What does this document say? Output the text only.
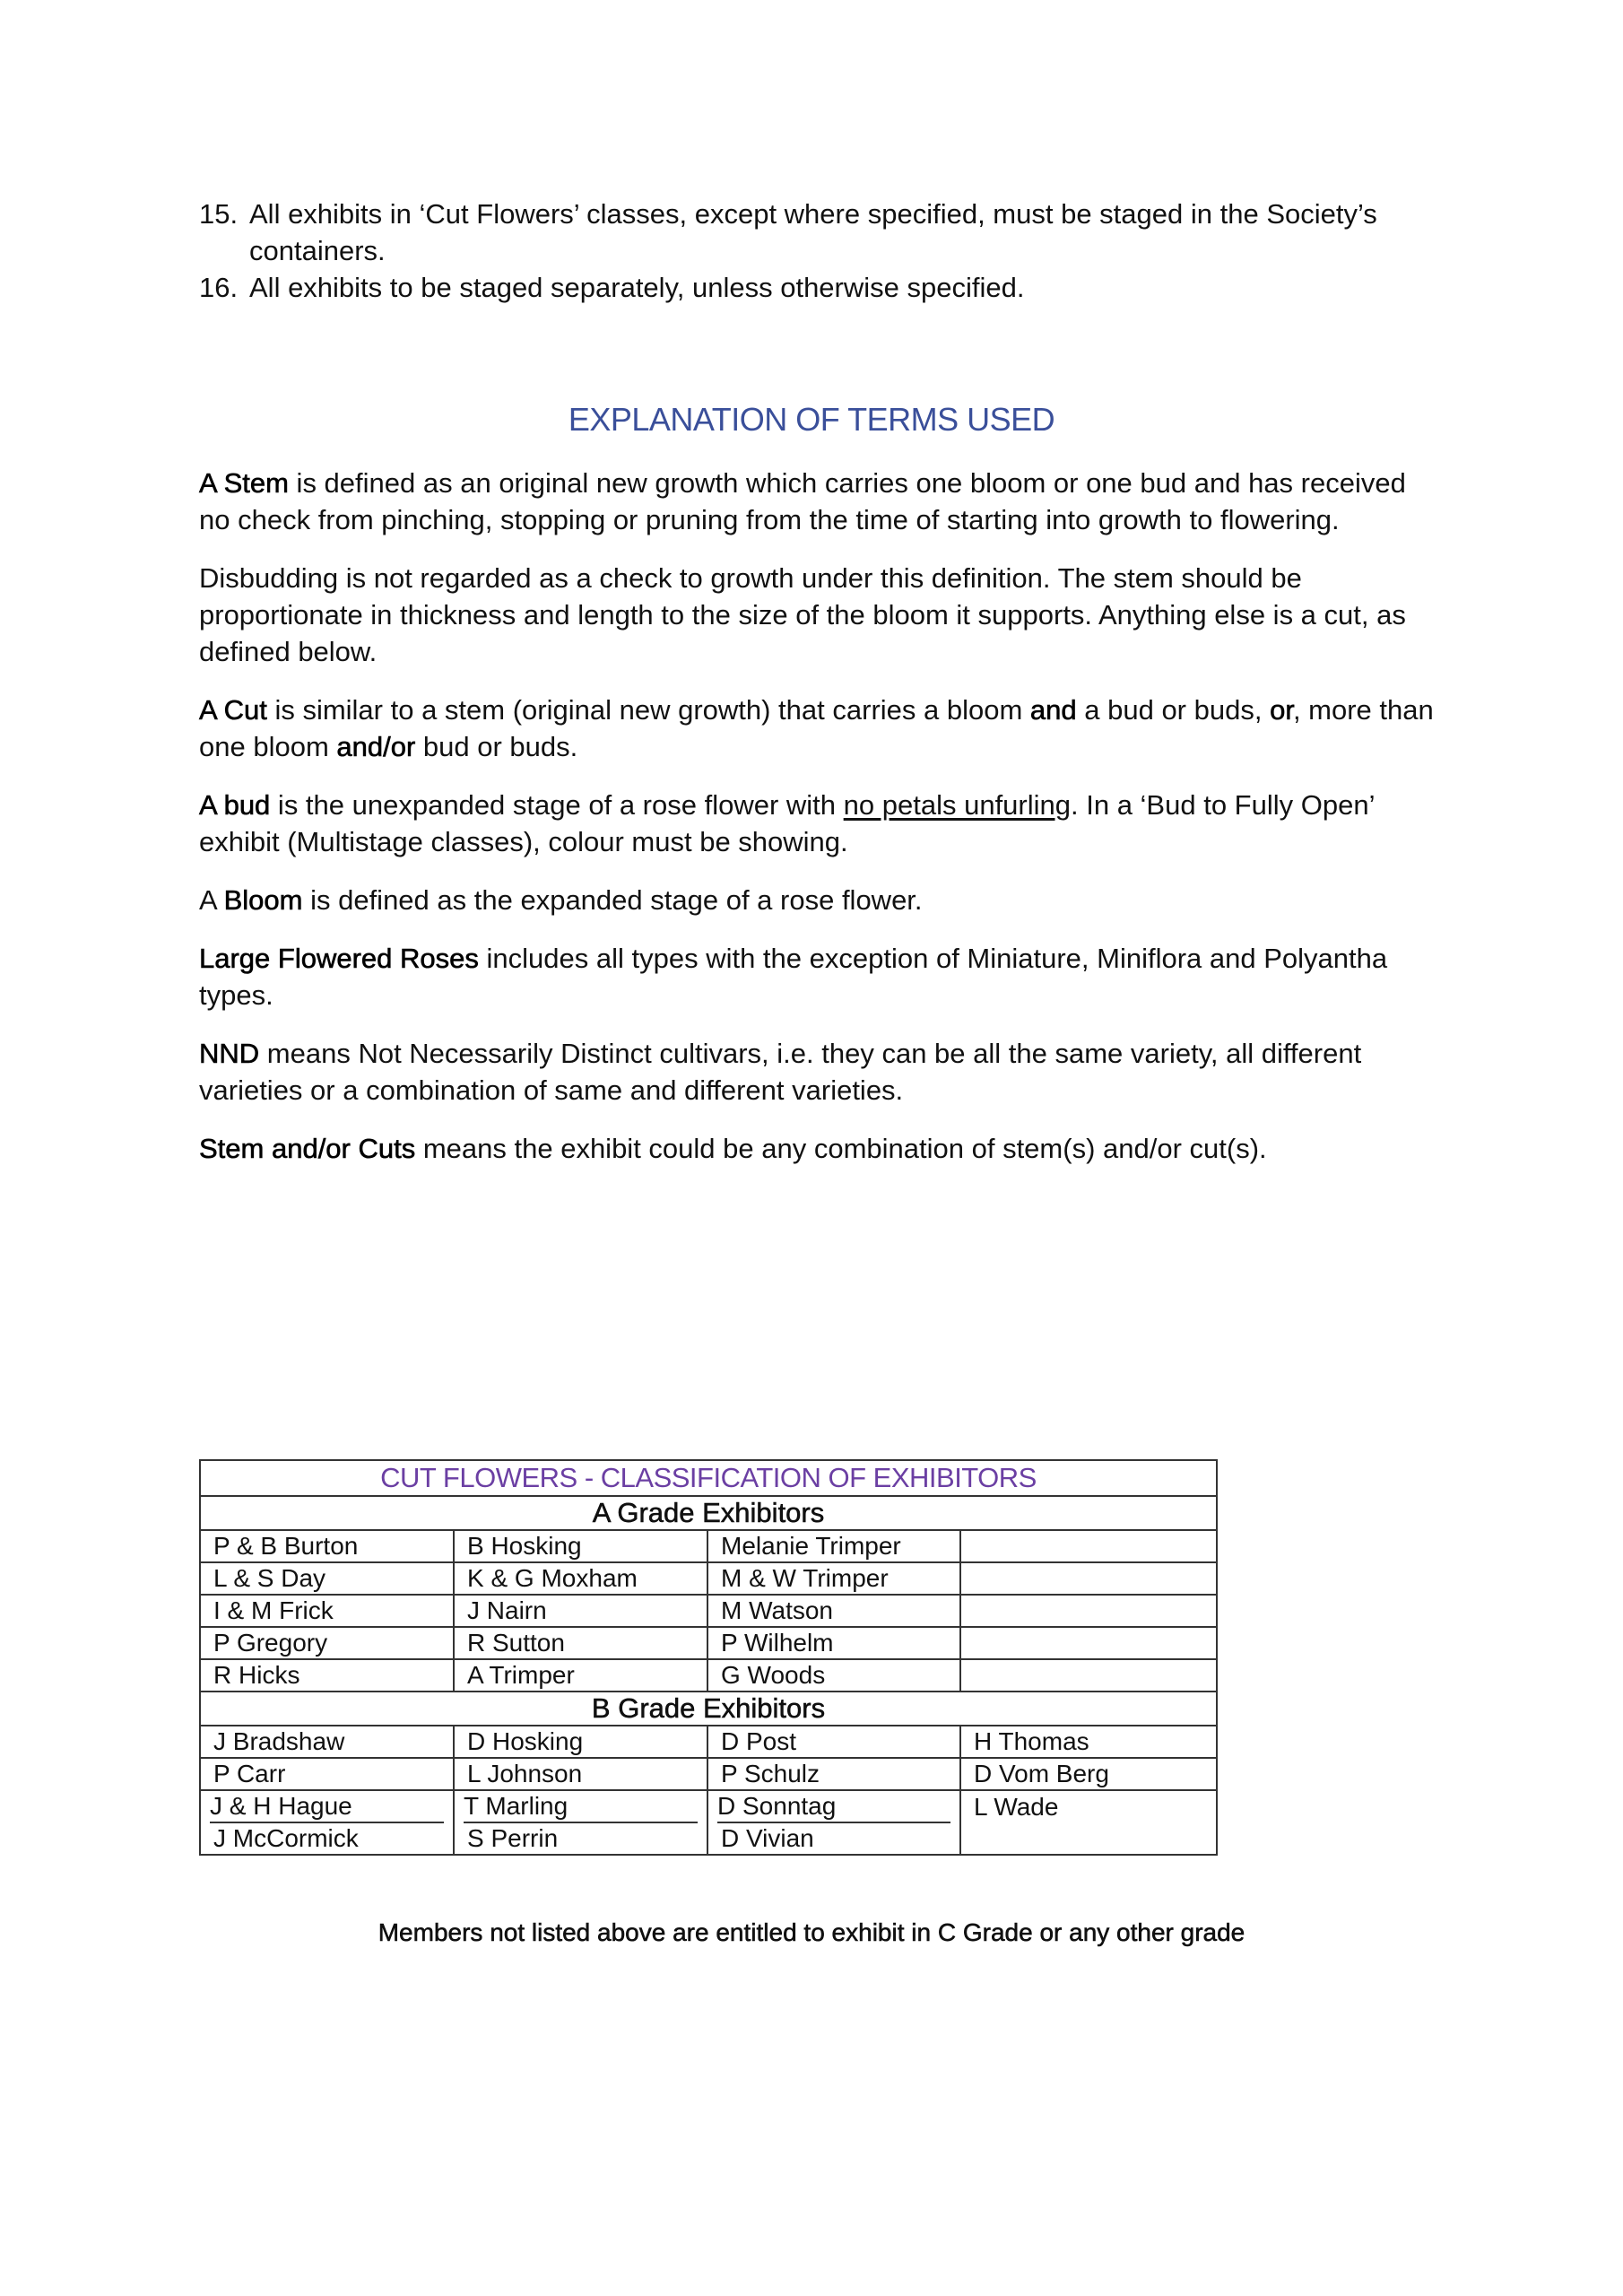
15. All exhibits in ‘Cut Flowers’ classes, except where specified, must be staged in the Society’s containers.
16. All exhibits to be staged separately, unless otherwise specified.
EXPLANATION OF TERMS USED

A Stem is defined as an original new growth which carries one bloom or one bud and has received no check from pinching, stopping or pruning from the time of starting into growth to flowering.

Disbudding is not regarded as a check to growth under this definition. The stem should be proportionate in thickness and length to the size of the bloom it supports. Anything else is a cut, as defined below.

A Cut is similar to a stem (original new growth) that carries a bloom and a bud or buds, or, more than one bloom and/or bud or buds.

A bud is the unexpanded stage of a rose flower with no petals unfurling. In a ‘Bud to Fully Open’ exhibit (Multistage classes), colour must be showing.

A Bloom is defined as the expanded stage of a rose flower.

Large Flowered Roses includes all types with the exception of Miniature, Miniflora and Polyantha types.

NND means Not Necessarily Distinct cultivars, i.e. they can be all the same variety, all different varieties or a combination of same and different varieties.

Stem and/or Cuts means the exhibit could be any combination of stem(s) and/or cut(s).

CUT FLOWERS - CLASSIFICATION OF EXHIBITORS			
A Grade Exhibitors			
P & B Burton	B Hosking	Melanie Trimper	
L & S Day	K & G Moxham	M & W Trimper	
I & M Frick	J Nairn	M Watson	
P Gregory	R Sutton	P Wilhelm	
R Hicks	A Trimper	G Woods	
B Grade Exhibitors			
J Bradshaw	D Hosking	D Post	H Thomas
P Carr	L Johnson	P Schulz	D Vom Berg

J & H Hague	T Marling	D Sonntag	L Wade
J McCormick	S Perrin	D Vivian	
Members not listed above are entitled to exhibit in C Grade or any other grade
